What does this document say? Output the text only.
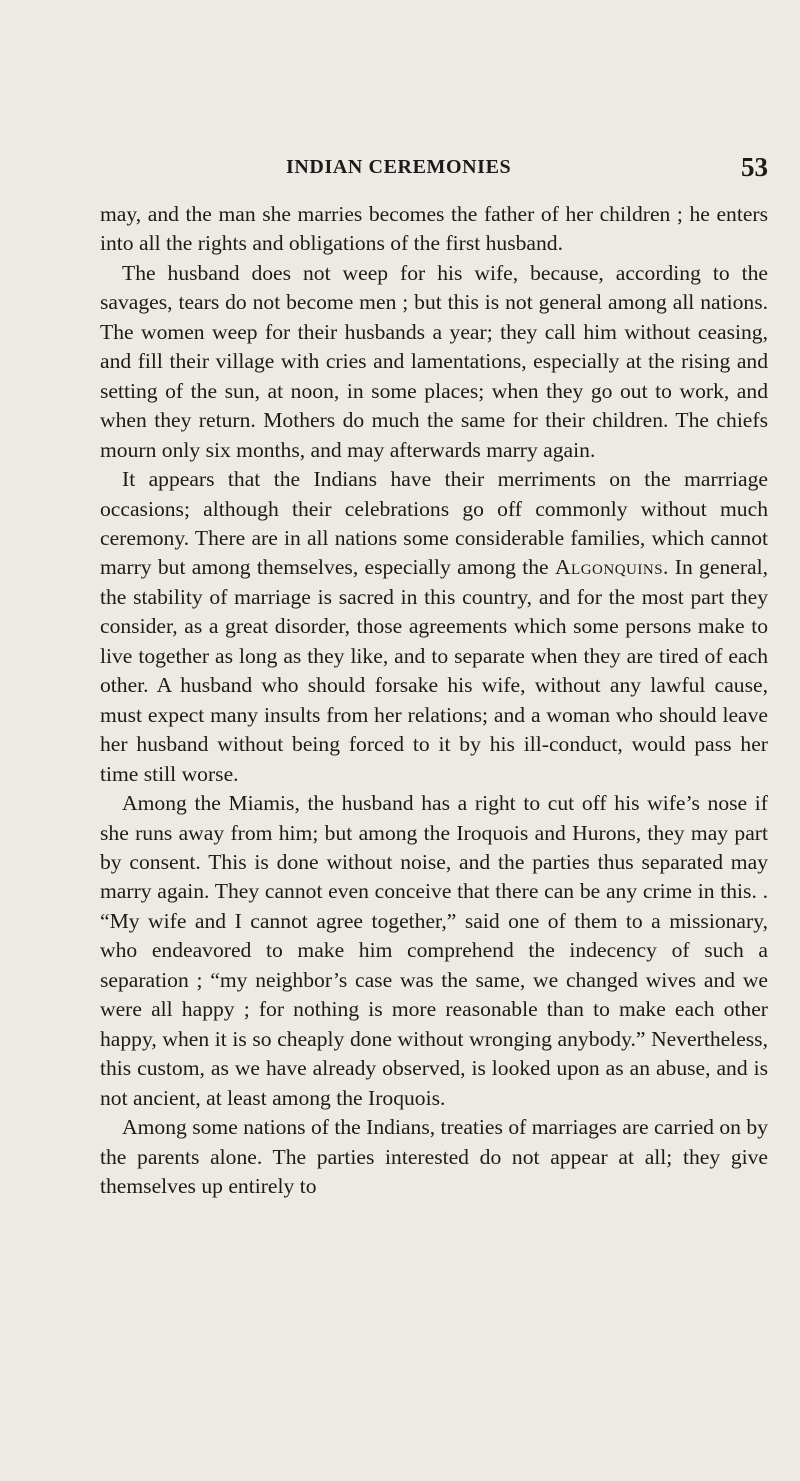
INDIAN CEREMONIES	53

may, and the man she marries becomes the father of her children ; he enters into all the rights and obligations of the first husband.

The husband does not weep for his wife, because, according to the savages, tears do not become men ; but this is not general among all nations. The women weep for their husbands a year; they call him without ceasing, and fill their village with cries and lamentations, especially at the rising and setting of the sun, at noon, in some places; when they go out to work, and when they return. Mothers do much the same for their children. The chiefs mourn only six months, and may afterwards marry again.

It appears that the Indians have their merriments on the marrriage occasions; although their celebrations go off commonly without much ceremony. There are in all nations some considerable families, which cannot marry but among themselves, especially among the Algonquins. In general, the stability of marriage is sacred in this country, and for the most part they consider, as a great disorder, those agreements which some persons make to live together as long as they like, and to separate when they are tired of each other. A husband who should forsake his wife, without any lawful cause, must expect many insults from her relations; and a woman who should leave her husband without being forced to it by his ill-conduct, would pass her time still worse.

Among the Miamis, the husband has a right to cut off his wife’s nose if she runs away from him; but among the Iroquois and Hurons, they may part by consent. This is done without noise, and the parties thus separated may marry again. They cannot even conceive that there can be any crime in this. . “My wife and I cannot agree together,” said one of them to a missionary, who endeavored to make him comprehend the indecency of such a separation ; “my neighbor’s case was the same, we changed wives and we were all happy ; for nothing is more reasonable than to make each other happy, when it is so cheaply done without wronging anybody.” Nevertheless, this custom, as we have already observed, is looked upon as an abuse, and is not ancient, at least among the Iroquois.

Among some nations of the Indians, treaties of marriages are carried on by the parents alone. The parties interested do not appear at all; they give themselves up entirely to
